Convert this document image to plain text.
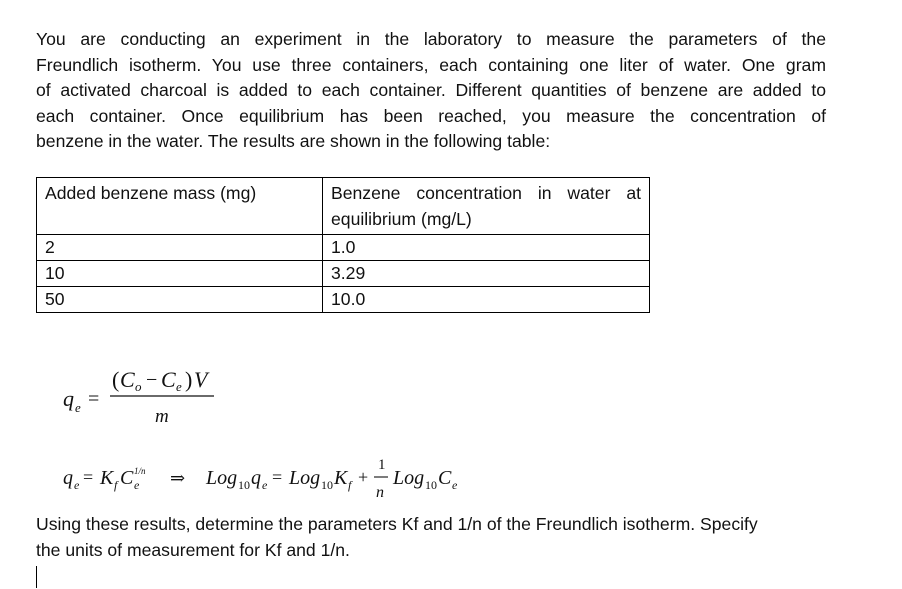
You are conducting an experiment in the laboratory to measure the parameters of the
Freundlich isotherm. You use three containers, each containing one liter of water. One gram
of activated charcoal is added to each container. Different quantities of benzene are added to
each container. Once equilibrium has been reached, you measure the concentration of
benzene in the water. The results are shown in the following table:
Added benzene mass (mg)	Benzene concentration in water at equilibrium (mg/L)
2	1.0
10	3.29
50	10.0
q e =
( C o − C e ) V
m
q e = K f C e
1/n ⇒ Log 10 q e = Log 10 K f +
1
n
Log 10 C e
Using these results, determine the parameters Kf and 1/n of the Freundlich isotherm. Specify
the units of measurement for Kf and 1/n.
